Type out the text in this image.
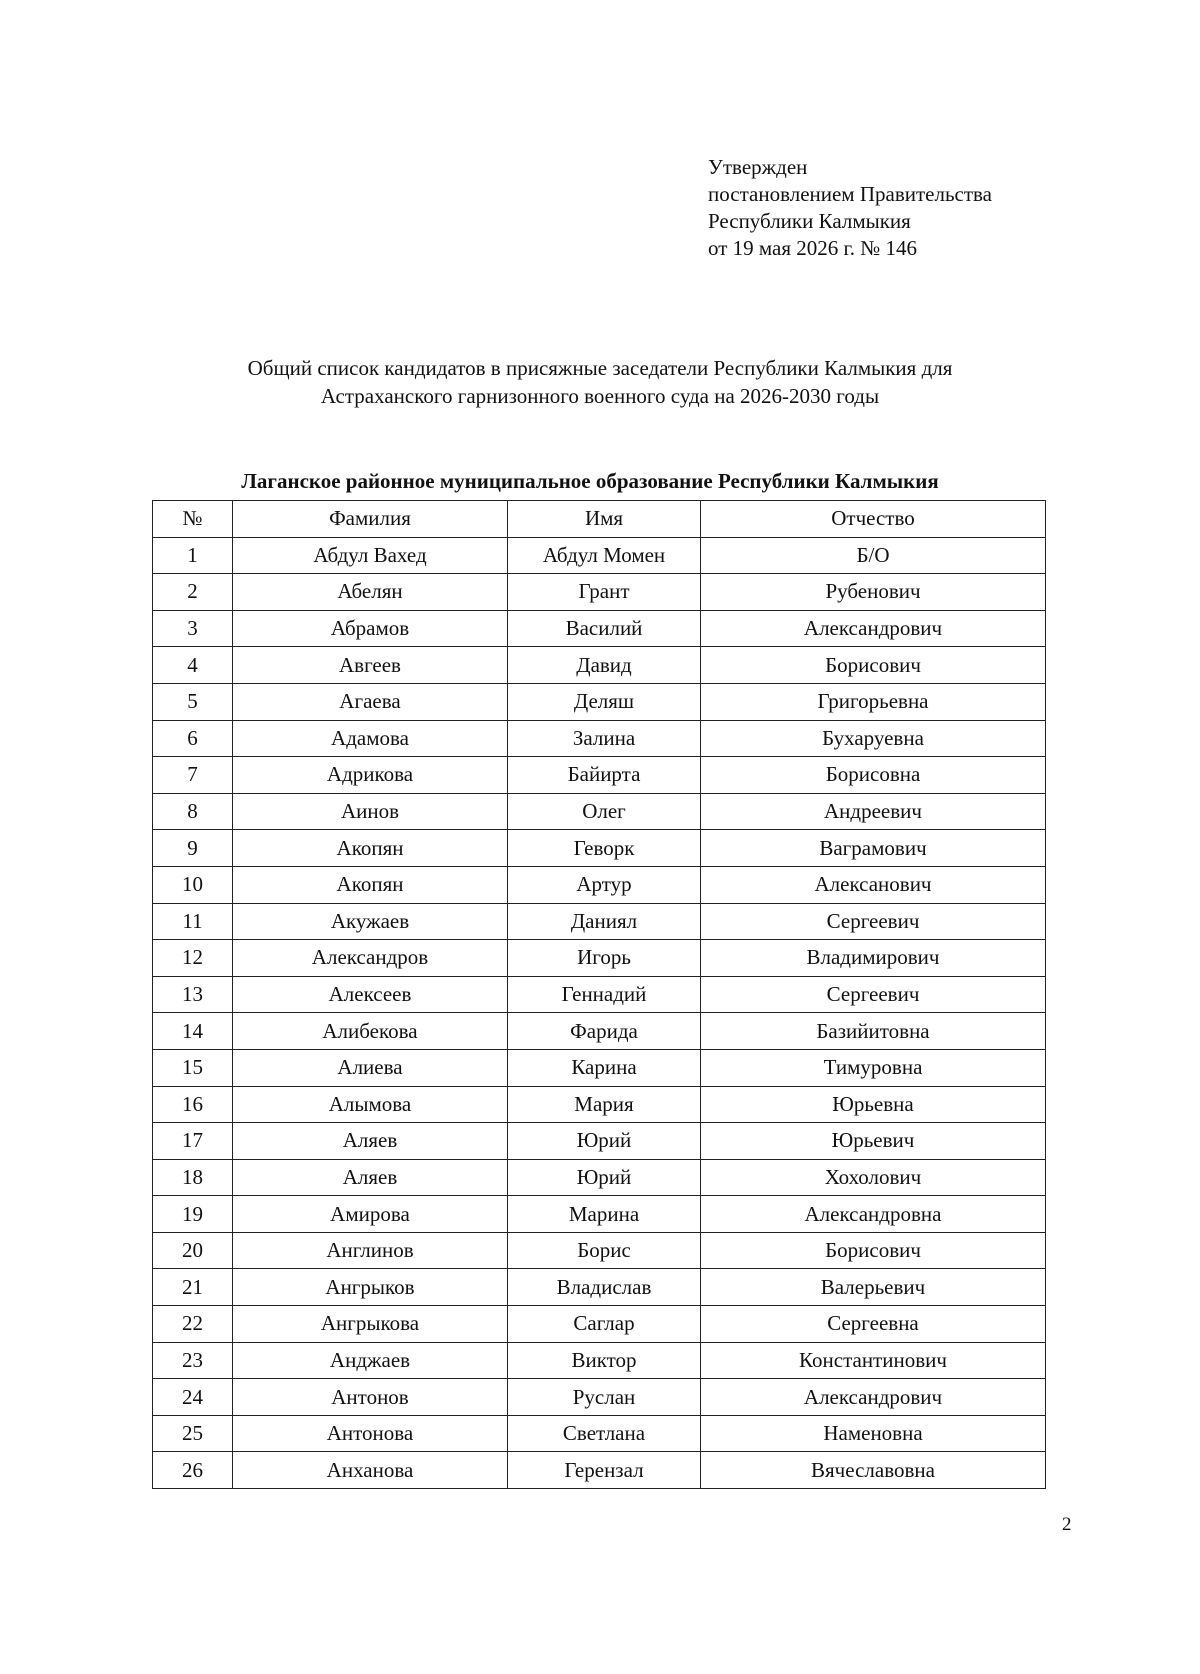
Утвержден
постановлением Правительства
Республики Калмыкия
от 19 мая 2026 г. № 146
Общий список кандидатов в присяжные заседатели Республики Калмыкия для
Астраханского гарнизонного военного суда на 2026-2030 годы
Лаганское районное муниципальное образование Республики Калмыкия
№	Фамилия	Имя	Отчество
1	Абдул Вахед	Абдул Момен	Б/О
2	Абелян	Грант	Рубенович
3	Абрамов	Василий	Александрович
4	Авгеев	Давид	Борисович
5	Агаева	Деляш	Григорьевна
6	Адамова	Залина	Бухаруевна
7	Адрикова	Байирта	Борисовна
8	Аинов	Олег	Андреевич
9	Акопян	Геворк	Ваграмович
10	Акопян	Артур	Алексанович
11	Акужаев	Даниял	Сергеевич
12	Александров	Игорь	Владимирович
13	Алексеев	Геннадий	Сергеевич
14	Алибекова	Фарида	Базийитовна
15	Алиева	Карина	Тимуровна
16	Алымова	Мария	Юрьевна
17	Аляев	Юрий	Юрьевич
18	Аляев	Юрий	Хохолович
19	Амирова	Марина	Александровна
20	Англинов	Борис	Борисович
21	Ангрыков	Владислав	Валерьевич
22	Ангрыкова	Саглар	Сергеевна
23	Анджаев	Виктор	Константинович
24	Антонов	Руслан	Александрович
25	Антонова	Светлана	Наменовна
26	Анханова	Герензал	Вячеславовна
2
